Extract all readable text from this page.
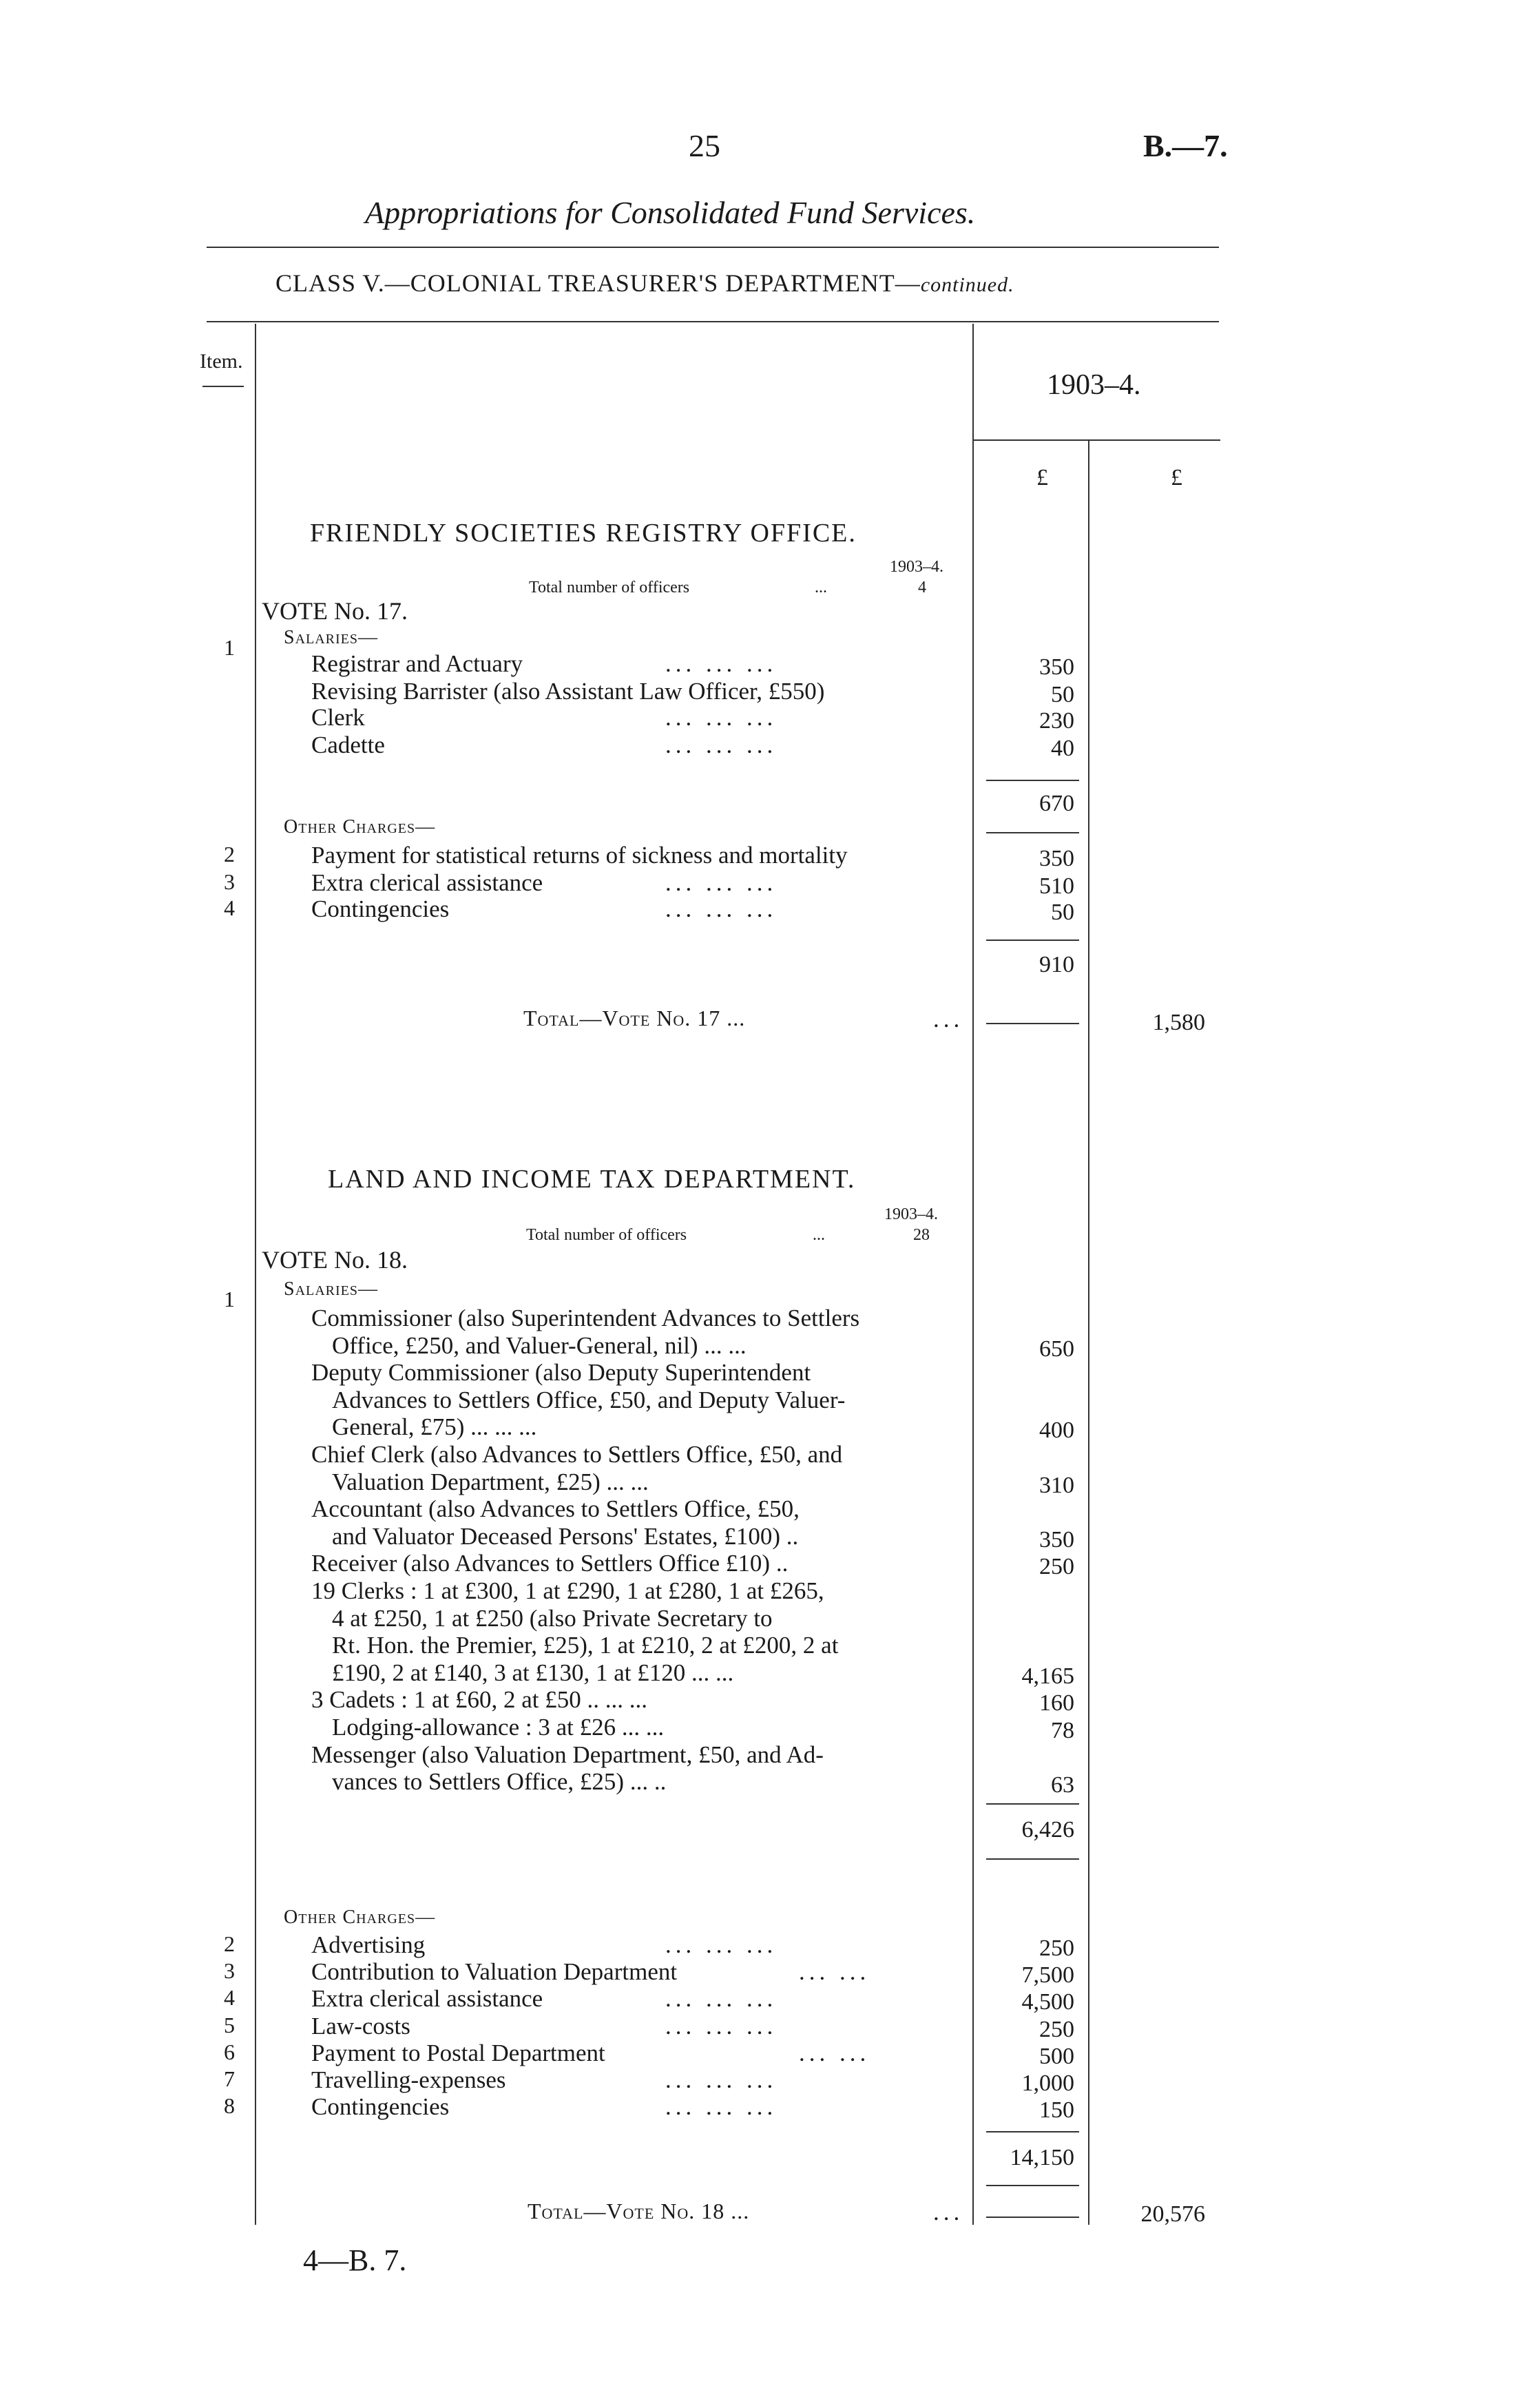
25	B.—7.
Appropriations for Consolidated Fund Services.
CLASS V.—COLONIAL TREASURER'S DEPARTMENT—continued.
Item.
1903–4.
£	£
FRIENDLY SOCIETIES REGISTRY OFFICE.
1903–4.
Total number of officers	...	4
VOTE No. 17.
Salaries—
1
Registrar and Actuary	... ... ...	350
Revising Barrister (also Assistant Law Officer, £550)	50
Clerk	... ... ...	230
Cadette	... ... ...	40
670
Other Charges—
2	Payment for statistical returns of sickness and mortality	350
3	Extra clerical assistance	... ... ...	510
4	Contingencies	... ... ...	50
910
Total—Vote No. 17 ...	...	1,580
LAND AND INCOME TAX DEPARTMENT.
1903–4.
Total number of officers	...	28
VOTE No. 18.
Salaries—
1
Commissioner (also Superintendent Advances to Settlers
Office, £250, and Valuer-General, nil) ... ...	650
Deputy Commissioner (also Deputy Superintendent
Advances to Settlers Office, £50, and Deputy Valuer-
General, £75) ... ... ...	400
Chief Clerk (also Advances to Settlers Office, £50, and
Valuation Department, £25) ... ...	310
Accountant (also Advances to Settlers Office, £50,
and Valuator Deceased Persons' Estates, £100) ..	350
Receiver (also Advances to Settlers Office £10) ..	250
19 Clerks : 1 at £300, 1 at £290, 1 at £280, 1 at £265,
4 at £250, 1 at £250 (also Private Secretary to
Rt. Hon. the Premier, £25), 1 at £210, 2 at £200, 2 at
£190, 2 at £140, 3 at £130, 1 at £120 ... ...	4,165
3 Cadets : 1 at £60, 2 at £50 .. ... ...	160
Lodging-allowance : 3 at £26 ... ...	78
Messenger (also Valuation Department, £50, and Ad-
vances to Settlers Office, £25) ... ..	63
6,426
Other Charges—
2	Advertising	... ... ...	250
3	Contribution to Valuation Department	... ...	7,500
4	Extra clerical assistance	... ... ...	4,500
5	Law-costs	... ... ...	250
6	Payment to Postal Department	... ...	500
7	Travelling-expenses	... ... ...	1,000
8	Contingencies	... ... ...	150
14,150
Total—Vote No. 18 ...	...	20,576
4—B. 7.
